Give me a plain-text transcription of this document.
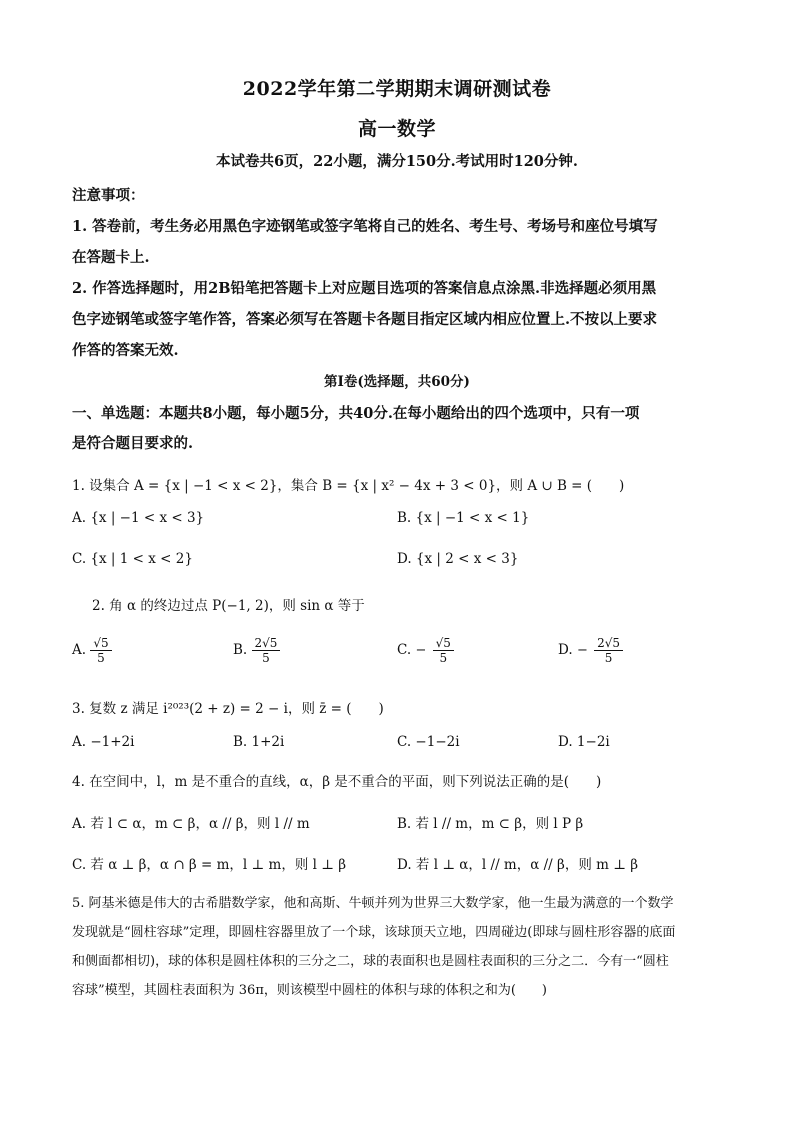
2022学年第二学期期末调研测试卷
高一数学
本试卷共6页，22小题，满分150分.考试用时120分钟.
注意事项：
1. 答卷前，考生务必用黑色字迹钢笔或签字笔将自己的姓名、考生号、考场号和座位号填写
在答题卡上.
2. 作答选择题时，用2B铅笔把答题卡上对应题目选项的答案信息点涂黑.非选择题必须用黑
色字迹钢笔或签字笔作答，答案必须写在答题卡各题目指定区域内相应位置上.不按以上要求
作答的答案无效.
第Ⅰ卷(选择题，共60分)
一、单选题：本题共8小题，每小题5分，共40分.在每小题给出的四个选项中，只有一项
是符合题目要求的.
1. 设集合 A = {x | −1 < x < 2}，集合 B = {x | x² − 4x + 3 < 0}，则 A ∪ B = (　　)
A. {x | −1 < x < 3}	B. {x | −1 < x < 1}
C. {x | 1 < x < 2}	D. {x | 2 < x < 3}
2. 角 α 的终边过点 P(−1, 2)，则 sin α 等于
A. $\frac{√5}{5}$	B. $\frac{2√5}{5}$	C. − $\frac{√5}{5}$	D. − $\frac{2√5}{5}$
3. 复数 z 满足 i²⁰²³(2 + z) = 2 − i，则 z̄ = (　　)
A. −1+2i	B. 1+2i	C. −1−2i	D. 1−2i
4. 在空间中，l，m 是不重合的直线，α，β 是不重合的平面，则下列说法正确的是(　　)
A. 若 l ⊂ α，m ⊂ β，α // β，则 l // m	B. 若 l // m，m ⊂ β，则 l P β
C. 若 α ⊥ β，α ∩ β = m，l ⊥ m，则 l ⊥ β	D. 若 l ⊥ α，l // m，α // β，则 m ⊥ β
5. 阿基米德是伟大的古希腊数学家，他和高斯、牛顿并列为世界三大数学家，他一生最为满意的一个数学
发现就是“圆柱容球”定理，即圆柱容器里放了一个球，该球顶天立地，四周碰边(即球与圆柱形容器的底面
和侧面都相切)，球的体积是圆柱体积的三分之二，球的表面积也是圆柱表面积的三分之二．今有一“圆柱
容球”模型，其圆柱表面积为 36π，则该模型中圆柱的体积与球的体积之和为(　　)
